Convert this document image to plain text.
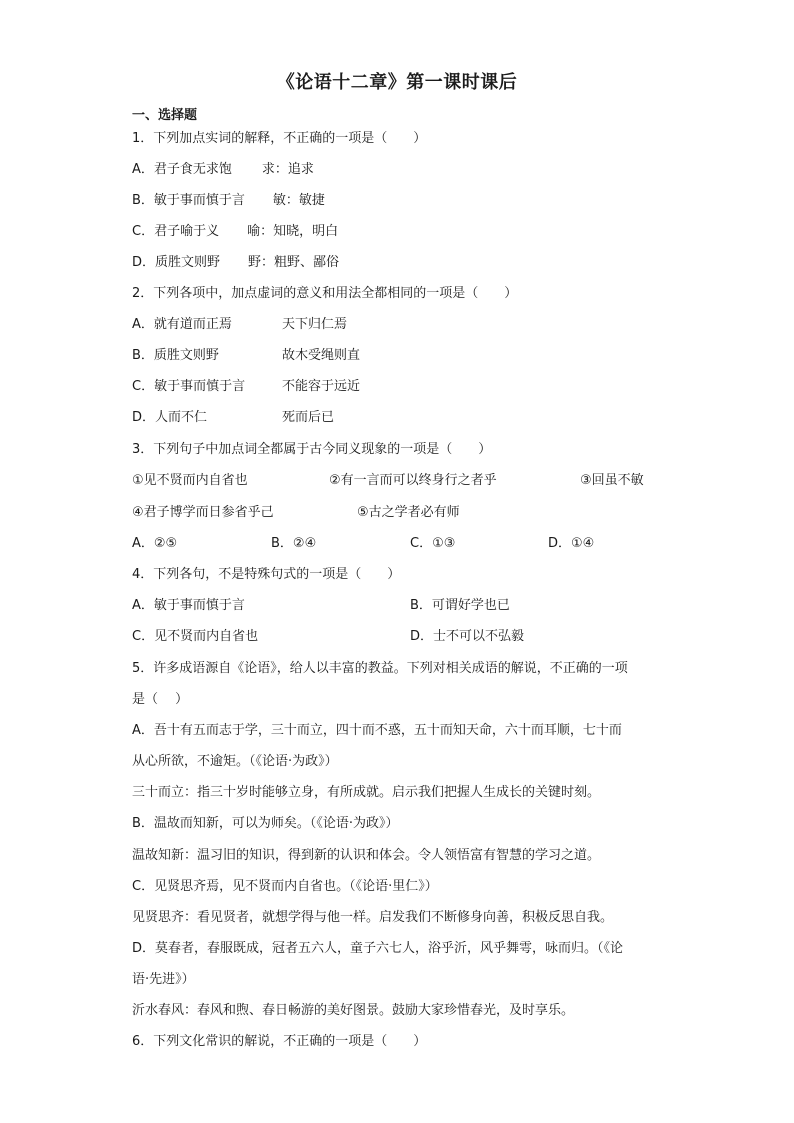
《论语十二章》第一课时课后
一、选择题
1．下列加点实词的解释，不正确的一项是（　　）
A．君子食无求饱 求：追求
B．敏于事而慎于言 敏：敏捷
C．君子喻于义 喻：知晓，明白
D．质胜文则野 野：粗野、鄙俗
2．下列各项中，加点虚词的意义和用法全都相同的一项是（　　）
A．就有道而正焉	天下归仁焉
B．质胜文则野	故木受绳则直
C．敏于事而慎于言	不能容于远近
D．人而不仁	死而后已
3．下列句子中加点词全都属于古今同义现象的一项是（　　）
①见不贤而内自省也	②有一言而可以终身行之者乎	③回虽不敏
④君子博学而日参省乎己	⑤古之学者必有师
A．②⑤	B．②④	C．①③	D．①④
4．下列各句，不是特殊句式的一项是（　　）
A．敏于事而慎于言	B．可谓好学也已
C．见不贤而内自省也	D．士不可以不弘毅
5．许多成语源自《论语》，给人以丰富的教益。下列对相关成语的解说，不正确的一项
是（　 ）
A．吾十有五而志于学，三十而立，四十而不惑，五十而知天命，六十而耳顺，七十而
从心所欲，不逾矩。（《论语·为政》）
三十而立：指三十岁时能够立身，有所成就。启示我们把握人生成长的关键时刻。
B．温故而知新，可以为师矣。（《论语·为政》）
温故知新：温习旧的知识，得到新的认识和体会。令人领悟富有智慧的学习之道。
C．见贤思齐焉，见不贤而内自省也。（《论语·里仁》）
见贤思齐：看见贤者，就想学得与他一样。启发我们不断修身向善，积极反思自我。
D．莫春者，春服既成，冠者五六人，童子六七人，浴乎沂，风乎舞雩，咏而归。（《论
语·先进》）
沂水春风：春风和煦、春日畅游的美好图景。鼓励大家珍惜春光，及时享乐。
6．下列文化常识的解说，不正确的一项是（　　）
